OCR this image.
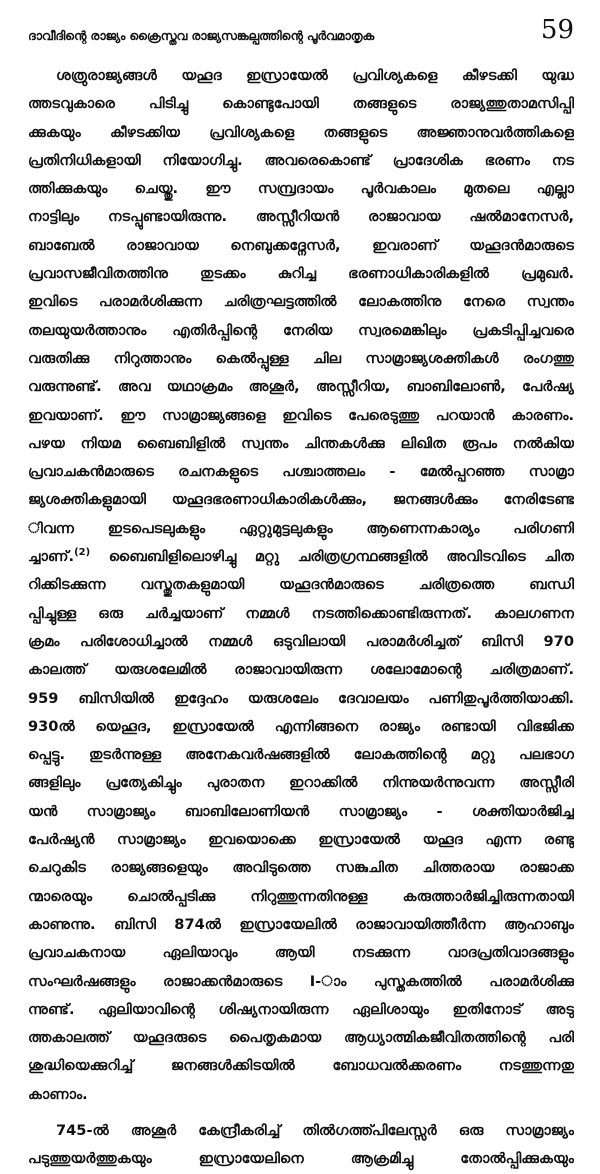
ദാവീദിന്റെ രാജ്യം ക്രൈസ്തവ രാജ്യസങ്കല്പത്തിന്റെ പൂർവമാതൃക	59
ശത്രുരാജ്യങ്ങൾ യഹൂദ ഇസ്രായേൽ പ്രവിശ്യകളെ കീഴടക്കി യുദ്ധ
ത്തടവുകാരെ പിടിച്ചു കൊണ്ടുപോയി തങ്ങളുടെ രാജ്യത്തുതാമസിപ്പി
ക്കുകയും കീഴടക്കിയ പ്രവിശ്യകളെ തങ്ങളുടെ അജ്ഞാനുവർത്തികളെ
പ്രതിനിധികളായി നിയോഗിച്ചു. അവരെകൊണ്ട് പ്രാദേശിക ഭരണം നട
ത്തിക്കുകയും ചെയ്തു. ഈ സമ്പ്രദായം പൂർവകാലം മുതലെ എല്ലാ
നാട്ടിലും നടപ്പുണ്ടായിരുന്നു. അസ്സീറിയൻ രാജാവായ ഷൽമാനേസർ,
ബാബേൽ രാജാവായ നെബുക്കദ്നേസർ, ഇവരാണ് യഹൂദൻമാരുടെ
പ്രവാസജീവിതത്തിനു തുടക്കം കുറിച്ച ഭരണാധികാരികളിൽ പ്രമുഖർ.
ഇവിടെ പരാമർശിക്കുന്ന ചരിത്രഘട്ടത്തിൽ ലോകത്തിനു നേരെ സ്വന്തം
തലയുയർത്താനും എതിർപ്പിന്റെ നേരിയ സ്വരമെങ്കിലും പ്രകടിപ്പിച്ചവരെ
വരുതിക്കു നിറുത്താനും കെൽപ്പുള്ള ചില സാമ്രാജ്യശക്തികൾ രംഗത്തു
വരുന്നുണ്ട്. അവ യഥാക്രമം അശൂർ, അസ്സീറിയ, ബാബിലോൺ, പേർഷ്യ
ഇവയാണ്. ഈ സാമ്രാജ്യങ്ങളെ ഇവിടെ പേരെടുത്തു പറയാൻ കാരണം.
പഴയ നിയമ ബൈബിളിൽ സ്വന്തം ചിന്തകൾക്കു ലിഖിത രൂപം നൽകിയ
പ്രവാചകൻമാരുടെ രചനകളുടെ പശ്ചാത്തലം - മേൽപ്പറഞ്ഞ സാമ്രാ
ജ്യശക്തികളുമായി യഹൂദഭരണാധികാരികൾക്കും, ജനങ്ങൾക്കും നേരിടേണ്ട
ിവന്ന ഇടപെടലുകളും ഏറ്റുമുട്ടലുകളും ആണെന്നകാര്യം പരിഗണി
ച്ചാണ്.$^{(2)}$ ബൈബിളിലൊഴിച്ചു മറ്റു ചരിത്രഗ്രന്ഥങ്ങളിൽ അവിടവിടെ ചിത
റിക്കിടക്കുന്ന വസ്തുതകളുമായി യഹൂദൻമാരുടെ ചരിത്രത്തെ ബന്ധി
പ്പിച്ചുള്ള ഒരു ചർച്ചയാണ് നമ്മൾ നടത്തിക്കൊണ്ടിരുന്നത്. കാലഗണന
ക്രമം പരിശോധിച്ചാൽ നമ്മൾ ഒടുവിലായി പരാമർശിച്ചത് ബിസി 970
കാലത്ത് യരുശലേമിൽ രാജാവായിരുന്ന ശലോമോന്റെ ചരിത്രമാണ്.
959 ബിസിയിൽ ഇദ്ദേഹം യരുശലേം ദേവാലയം പണിതുപൂർത്തിയാക്കി.
930ൽ യെഹൂദ, ഇസ്രായേൽ എന്നിങ്ങനെ രാജ്യം രണ്ടായി വിഭജിക്ക
പ്പെട്ടു. തുടർന്നുള്ള അനേകവർഷങ്ങളിൽ ലോകത്തിന്റെ മറ്റു പലഭാഗ
ങ്ങളിലും പ്രത്യേകിച്ചും പുരാതന ഇറാക്കിൽ നിന്നുയർന്നുവന്ന അസ്സീരി
യൻ സാമ്രാജ്യം ബാബിലോണിയൻ സാമ്രാജ്യം - ശക്തിയാർജിച്ച
പേർഷ്യൻ സാമ്രാജ്യം ഇവയൊക്കെ ഇസ്രായേൽ യഹൂദ എന്ന രണ്ടു
ചെറുകിട രാജ്യങ്ങളെയും അവിടുത്തെ സങ്കുചിത ചിത്തരായ രാജാക്ക
ന്മാരെയും ചൊൽപ്പടിക്കു നിറുത്തുന്നതിനുള്ള കരുത്താർജിച്ചിരുന്നതായി
കാണുന്നു. ബിസി 874ൽ ഇസ്രായേലിൽ രാജാവായിത്തീർന്ന ആഹാബും
പ്രവാചകനായ ഏലിയാവും ആയി നടക്കുന്ന വാദപ്രതിവാദങ്ങളും
സംഘർഷങ്ങളും രാജാക്കൻമാരുടെ I-ാം പുസ്തകത്തിൽ പരാമർശിക്കു
ന്നുണ്ട്. ഏലിയാവിന്റെ ശിഷ്യനായിരുന്ന ഏലിശായും ഇതിനോട് അടു
ത്തകാലത്ത് യഹൂദരുടെ പൈതൃകമായ ആധ്യാത്മികജീവിതത്തിന്റെ പരി
ശുദ്ധിയെക്കുറിച്ച് ജനങ്ങൾക്കിടയിൽ ബോധവൽക്കരണം നടത്തുന്നതു
കാണാം.
745-ൽ അശൂർ കേന്ദ്രീകരിച്ച് തിൽഗത്ത്പിലേസ്സർ ഒരു സാമ്രാജ്യം
പടുത്തുയർത്തുകയും ഇസ്രായേലിനെ ആക്രമിച്ചു തോൽപ്പിക്കുകയും
